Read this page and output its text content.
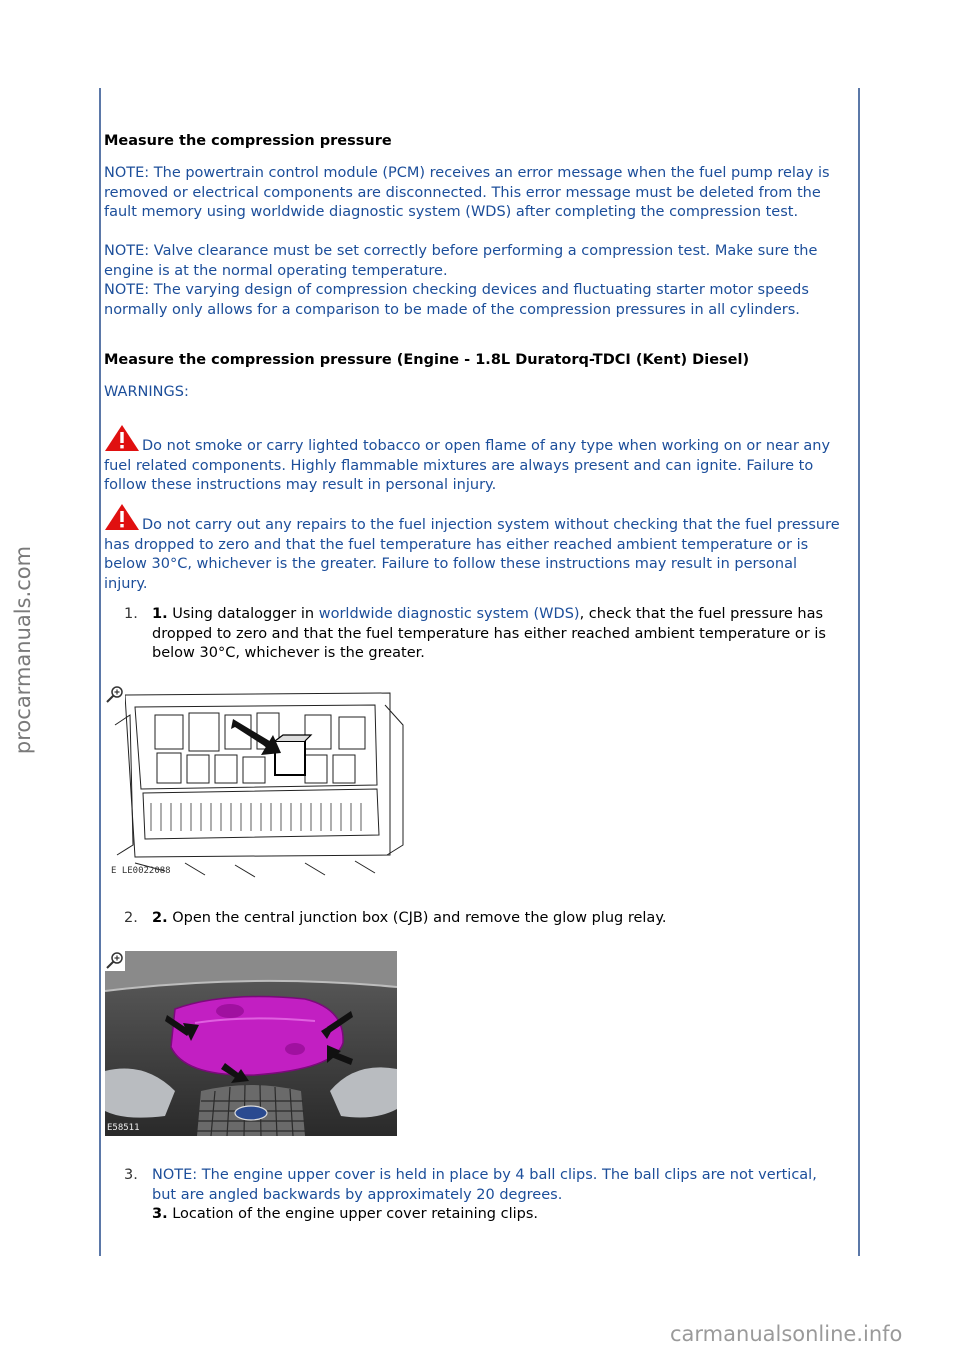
procarmanuals.com
Measure the compression pressure
NOTE: The powertrain control module (PCM) receives an error message when the fuel pump relay is removed or electrical components are disconnected. This error message must be deleted from the fault memory using worldwide diagnostic system (WDS) after completing the compression test.
NOTE: Valve clearance must be set correctly before performing a compression test. Make sure the engine is at the normal operating temperature.
NOTE: The varying design of compression checking devices and fluctuating starter motor speeds normally only allows for a comparison to be made of the compression pressures in all cylinders.
Measure the compression pressure (Engine - 1.8L Duratorq-TDCI (Kent) Diesel)
WARNINGS:
Do not smoke or carry lighted tobacco or open flame of any type when working on or near any fuel related components. Highly flammable mixtures are always present and can ignite. Failure to follow these instructions may result in personal injury.
Do not carry out any repairs to the fuel injection system without checking that the fuel pressure has dropped to zero and that the fuel temperature has either reached ambient temperature or is below 30°C, whichever is the greater. Failure to follow these instructions may result in personal injury.
1. 1. Using datalogger in worldwide diagnostic system (WDS), check that the fuel pressure has dropped to zero and that the fuel temperature has either reached ambient temperature or is below 30°C, whichever is the greater.
2. 2. Open the central junction box (CJB) and remove the glow plug relay.
3. NOTE: The engine upper cover is held in place by 4 ball clips. The ball clips are not vertical, but are angled backwards by approximately 20 degrees.
3. Location of the engine upper cover retaining clips.
E LE0022088
E58511
carmanualsonline.info
